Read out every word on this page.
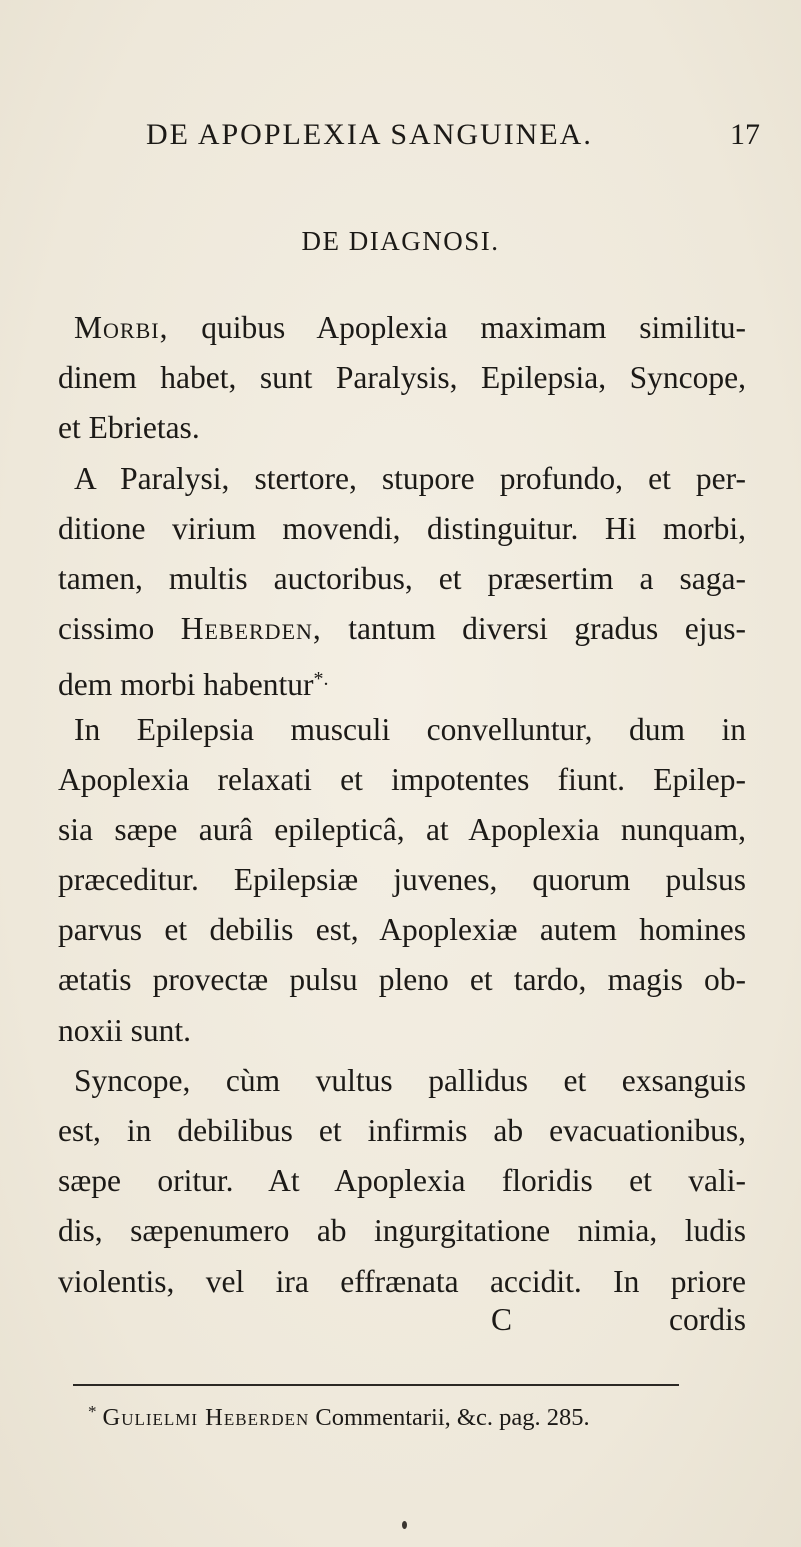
DE APOPLEXIA SANGUINEA.	17
DE DIAGNOSI.
Morbi, quibus Apoplexia maximam similitu-
dinem habet, sunt Paralysis, Epilepsia, Syncope,
et Ebrietas.
A Paralysi, stertore, stupore profundo, et per-
ditione virium movendi, distinguitur. Hi morbi,
tamen, multis auctoribus, et præsertim a saga-
cissimo Heberden, tantum diversi gradus ejus-
dem morbi habentur*.
In Epilepsia musculi convelluntur, dum in
Apoplexia relaxati et impotentes fiunt. Epilep-
sia sæpe aurâ epilepticâ, at Apoplexia nunquam,
præceditur. Epilepsiæ juvenes, quorum pulsus
parvus et debilis est, Apoplexiæ autem homines
ætatis provectæ pulsu pleno et tardo, magis ob-
noxii sunt.
Syncope, cùm vultus pallidus et exsanguis
est, in debilibus et infirmis ab evacuationibus,
sæpe oritur. At Apoplexia floridis et vali-
dis, sæpenumero ab ingurgitatione nimia, ludis
violentis, vel ira effrænata accidit. In priore
C	cordis
* Gulielmi Heberden Commentarii, &c. pag. 285.
